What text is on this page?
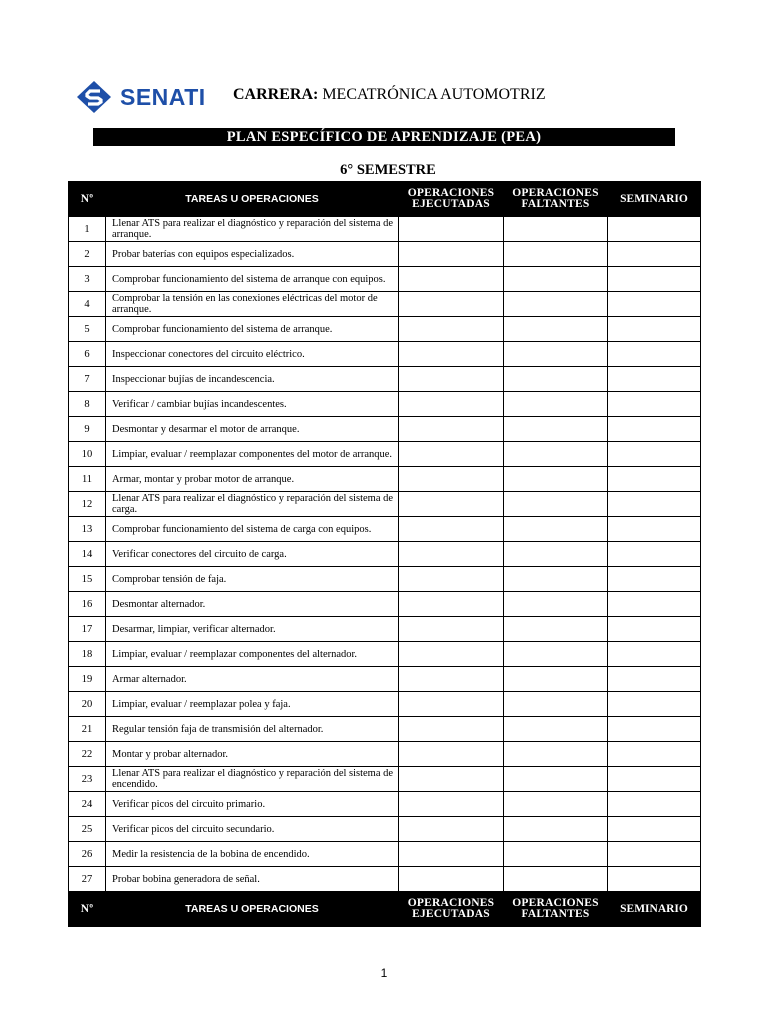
SENATI CARRERA: MECATRÓNICA AUTOMOTRIZ
PLAN ESPECÍFICO DE APRENDIZAJE (PEA)
6° SEMESTRE
Nº	TAREAS U OPERACIONES	OPERACIONES EJECUTADAS	OPERACIONES FALTANTES	SEMINARIO
1	Llenar ATS para realizar el diagnóstico y reparación del sistema de arranque.			
2	Probar baterías con equipos especializados.			
3	Comprobar funcionamiento del sistema de arranque con equipos.			
4	Comprobar la tensión en las conexiones eléctricas del motor de arranque.			
5	Comprobar funcionamiento del sistema de arranque.			
6	Inspeccionar conectores del circuito eléctrico.			
7	Inspeccionar bujías de incandescencia.			
8	Verificar / cambiar bujías incandescentes.			
9	Desmontar y desarmar el motor de arranque.			
10	Limpiar, evaluar / reemplazar componentes del motor de arranque.			
11	Armar, montar y probar motor de arranque.			
12	Llenar ATS para realizar el diagnóstico y reparación del sistema de carga.			
13	Comprobar funcionamiento del sistema de carga con equipos.			
14	Verificar conectores del circuito de carga.			
15	Comprobar tensión de faja.			
16	Desmontar alternador.			
17	Desarmar, limpiar, verificar alternador.			
18	Limpiar, evaluar / reemplazar componentes del alternador.			
19	Armar alternador.			
20	Limpiar, evaluar / reemplazar polea y faja.			
21	Regular tensión faja de transmisión del alternador.			
22	Montar y probar alternador.			
23	Llenar ATS para realizar el diagnóstico y reparación del sistema de encendido.			
24	Verificar picos del circuito primario.			
25	Verificar picos del circuito secundario.			
26	Medir la resistencia de la bobina de encendido.			
27	Probar bobina generadora de señal.			
Nº	TAREAS U OPERACIONES	OPERACIONES EJECUTADAS	OPERACIONES FALTANTES	SEMINARIO
1
